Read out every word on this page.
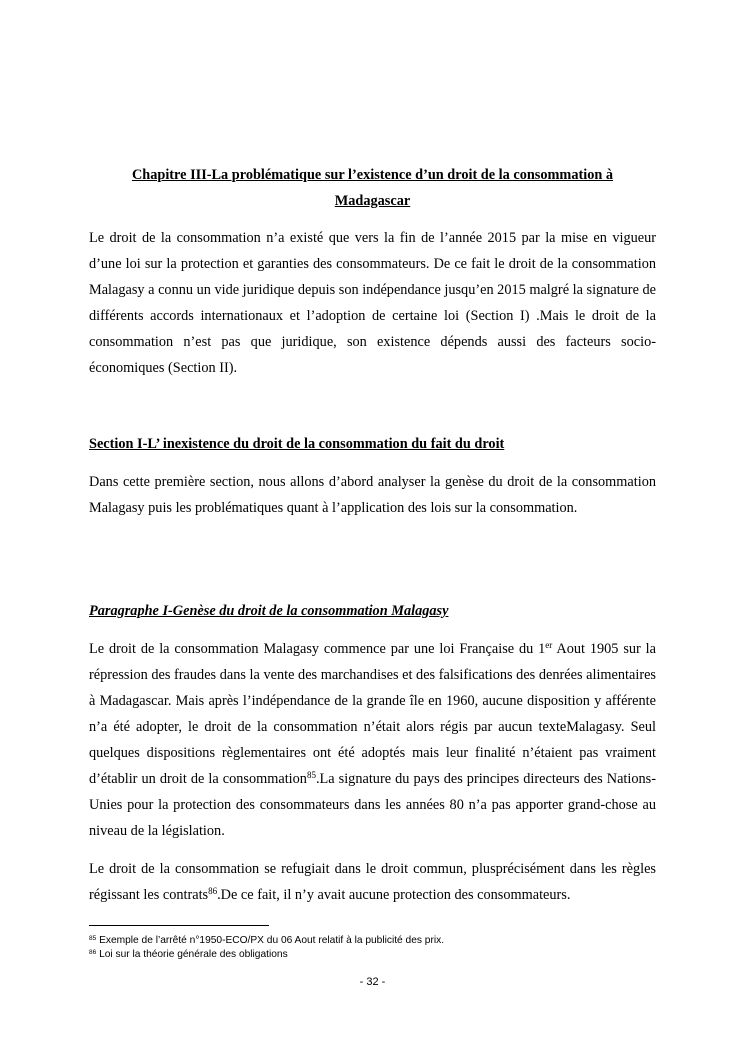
Chapitre III-La problématique sur l’existence d’un droit de la consommation à
Madagascar

Le droit de la consommation n’a existé que vers la fin de l’année 2015 par la mise en vigueur d’une loi sur la protection et garanties des consommateurs. De ce fait le droit de la consommation Malagasy a connu un vide juridique depuis son indépendance jusqu’en 2015 malgré la signature de différents accords internationaux et l’adoption de certaine loi (Section I) .Mais le droit de la consommation n’est pas que juridique, son existence dépends aussi des facteurs socio-économiques (Section II).

Section I-L’ inexistence du droit de la consommation du fait du droit

Dans cette première section, nous allons d’abord analyser la genèse du droit de la consommation Malagasy puis les problématiques quant à l’application des lois sur la consommation.

Paragraphe I-Genèse du droit de la consommation Malagasy

Le droit de la consommation Malagasy commence par une loi Française du 1er Aout 1905 sur la répression des fraudes dans la vente des marchandises et des falsifications des denrées alimentaires à Madagascar. Mais après l’indépendance de la grande île en 1960, aucune disposition y afférente n’a été adopter, le droit de la consommation n’était alors régis par aucun texteMalagasy. Seul quelques dispositions règlementaires ont été adoptés mais leur finalité n’étaient pas vraiment d’établir un droit de la consommation$^{85}$.La signature du pays des principes directeurs des Nations-Unies pour la protection des consommateurs dans les années 80 n’a pas apporter grand-chose au niveau de la législation.

Le droit de la consommation se refugiait dans le droit commun, plusprécisément dans les règles régissant les contrats$^{86}$.De ce fait, il n’y avait aucune protection des consommateurs.

$^{85}$ Exemple de l’arrêté n°1950-ECO/PX du 06 Aout relatif à la publicité des prix.

$^{86}$ Loi sur la théorie générale des obligations

- 32 -
